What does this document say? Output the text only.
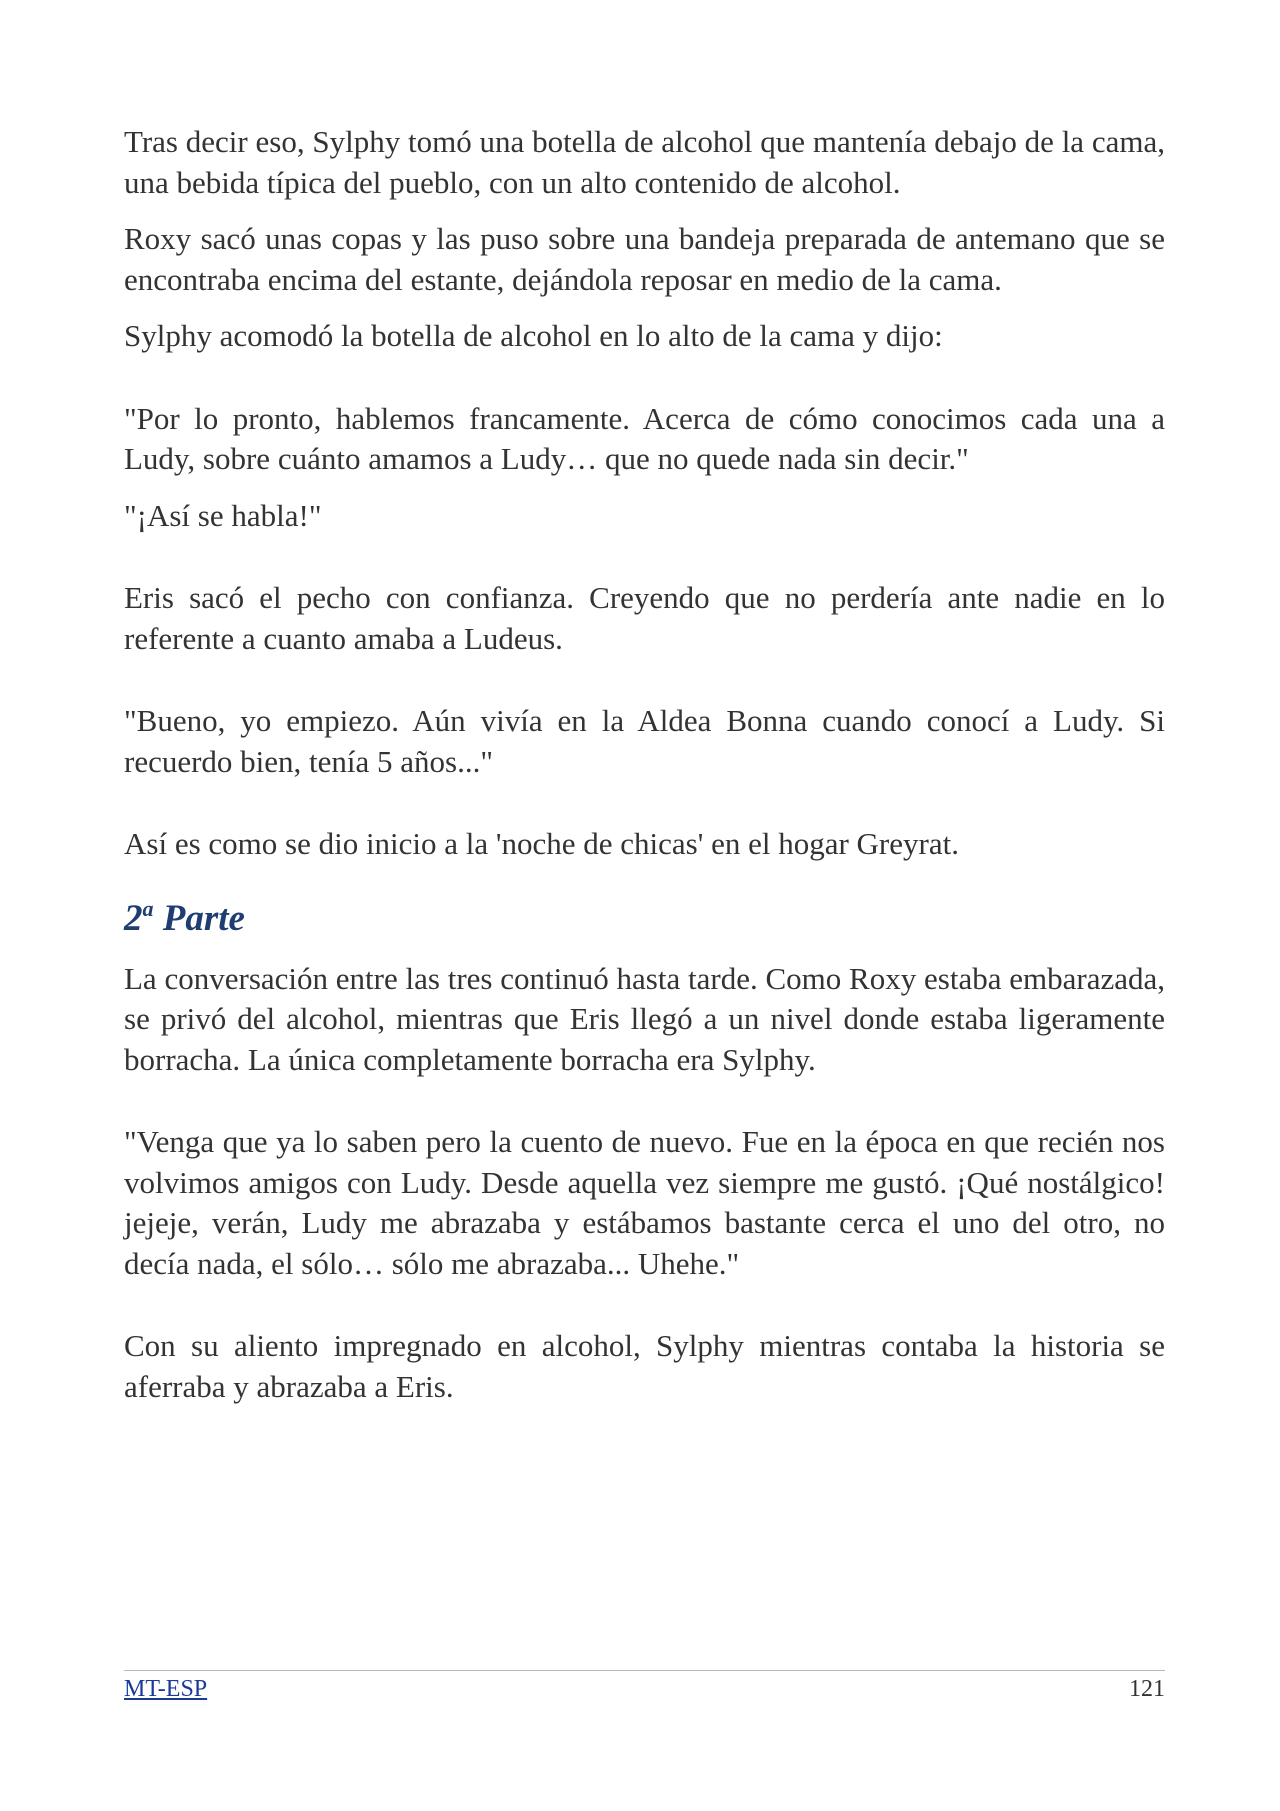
Tras decir eso, Sylphy tomó una botella de alcohol que mantenía debajo de la cama, una bebida típica del pueblo, con un alto contenido de alcohol.

Roxy sacó unas copas y las puso sobre una bandeja preparada de antemano que se encontraba encima del estante, dejándola reposar en medio de la cama.

Sylphy acomodó la botella de alcohol en lo alto de la cama y dijo:

"Por lo pronto, hablemos francamente. Acerca de cómo conocimos cada una a Ludy, sobre cuánto amamos a Ludy… que no quede nada sin decir."

"¡Así se habla!"

Eris sacó el pecho con confianza. Creyendo que no perdería ante nadie en lo referente a cuanto amaba a Ludeus.

"Bueno, yo empiezo. Aún vivía en la Aldea Bonna cuando conocí a Ludy. Si recuerdo bien, tenía 5 años..."

Así es como se dio inicio a la 'noche de chicas' en el hogar Greyrat.

2$^a$ Parte

La conversación entre las tres continuó hasta tarde. Como Roxy estaba embarazada, se privó del alcohol, mientras que Eris llegó a un nivel donde estaba ligeramente borracha. La única completamente borracha era Sylphy.

"Venga que ya lo saben pero la cuento de nuevo. Fue en la época en que recién nos volvimos amigos con Ludy. Desde aquella vez siempre me gustó. ¡Qué nostálgico! jejeje, verán, Ludy me abrazaba y estábamos bastante cerca el uno del otro, no decía nada, el sólo… sólo me abrazaba... Uhehe."

Con su aliento impregnado en alcohol, Sylphy mientras contaba la historia se aferraba y abrazaba a Eris.

MT-ESP	121
